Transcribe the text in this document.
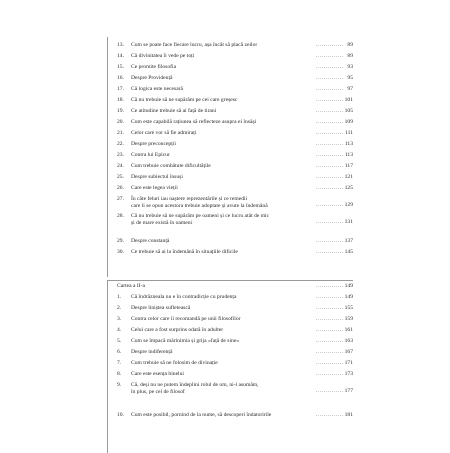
13.	Cum se poate face fiecare lucru, așa încât să placă zeilor	.............. 89
14.	Că divinitatea îi vede pe toți	.............. 89
15.	Ce promite filosofia	.............. 93
16.	Despre Providență	.............. 95
17.	Că logica este necesară	.............. 97
18.	Că nu trebuie să ne supărăm pe cei care greșesc	.............. 101
19.	Ce atitudine trebuie să ai față de tirani	.............. 105
20.	Cum este capabilă rațiunea să reflecteze asupra ei însăși	.............. 109
21.	Celor care vor să fie admirați	.............. 111
22.	Despre preconcepții	.............. 113
23.	Contra lui Epicur	.............. 113
24.	Cum trebuie combătute dificultățile	.............. 117
25.	Despre subiectul însuși	.............. 121
26.	Care este legea vieții	.............. 125
27.	În câte feluri iau naștere reprezentările și ce remedii
care li se opun acestora trebuie adoptate și avute la îndemână	.............. 129
28.	Că nu trebuie să ne supărăm pe oameni și ce lucru atât de mic
și de mare există în oameni	.............. 131
29.	Despre constanță	.............. 137
30.	Ce trebuie să ai la îndemână în situațiile dificile	.............. 145
Cartea a II-a	.............. 149
1.	Că îndrăzneala nu e în contradicție cu prudența	.............. 149
2.	Despre liniștea sufletească	.............. 155
3.	Contra celor care îi recomandă pe unii filosofilor	.............. 159
4.	Celui care a fost surprins odată în adulter	.............. 161
5.	Cum se împacă mărinimia și grija «față de sine»	.............. 163
6.	Despre indiferență	.............. 167
7.	Cum trebuie să ne folosim de divinație	.............. 171
8.	Care este esența binelui	.............. 173
9.	Că, deși nu ne putem îndeplini rolul de om, ni-l asumăm,
în plus, pe cel de filosof	.............. 177
10.	Cum este posibil, pornind de la nume, să descoperi îndatoririle	.............. 181
